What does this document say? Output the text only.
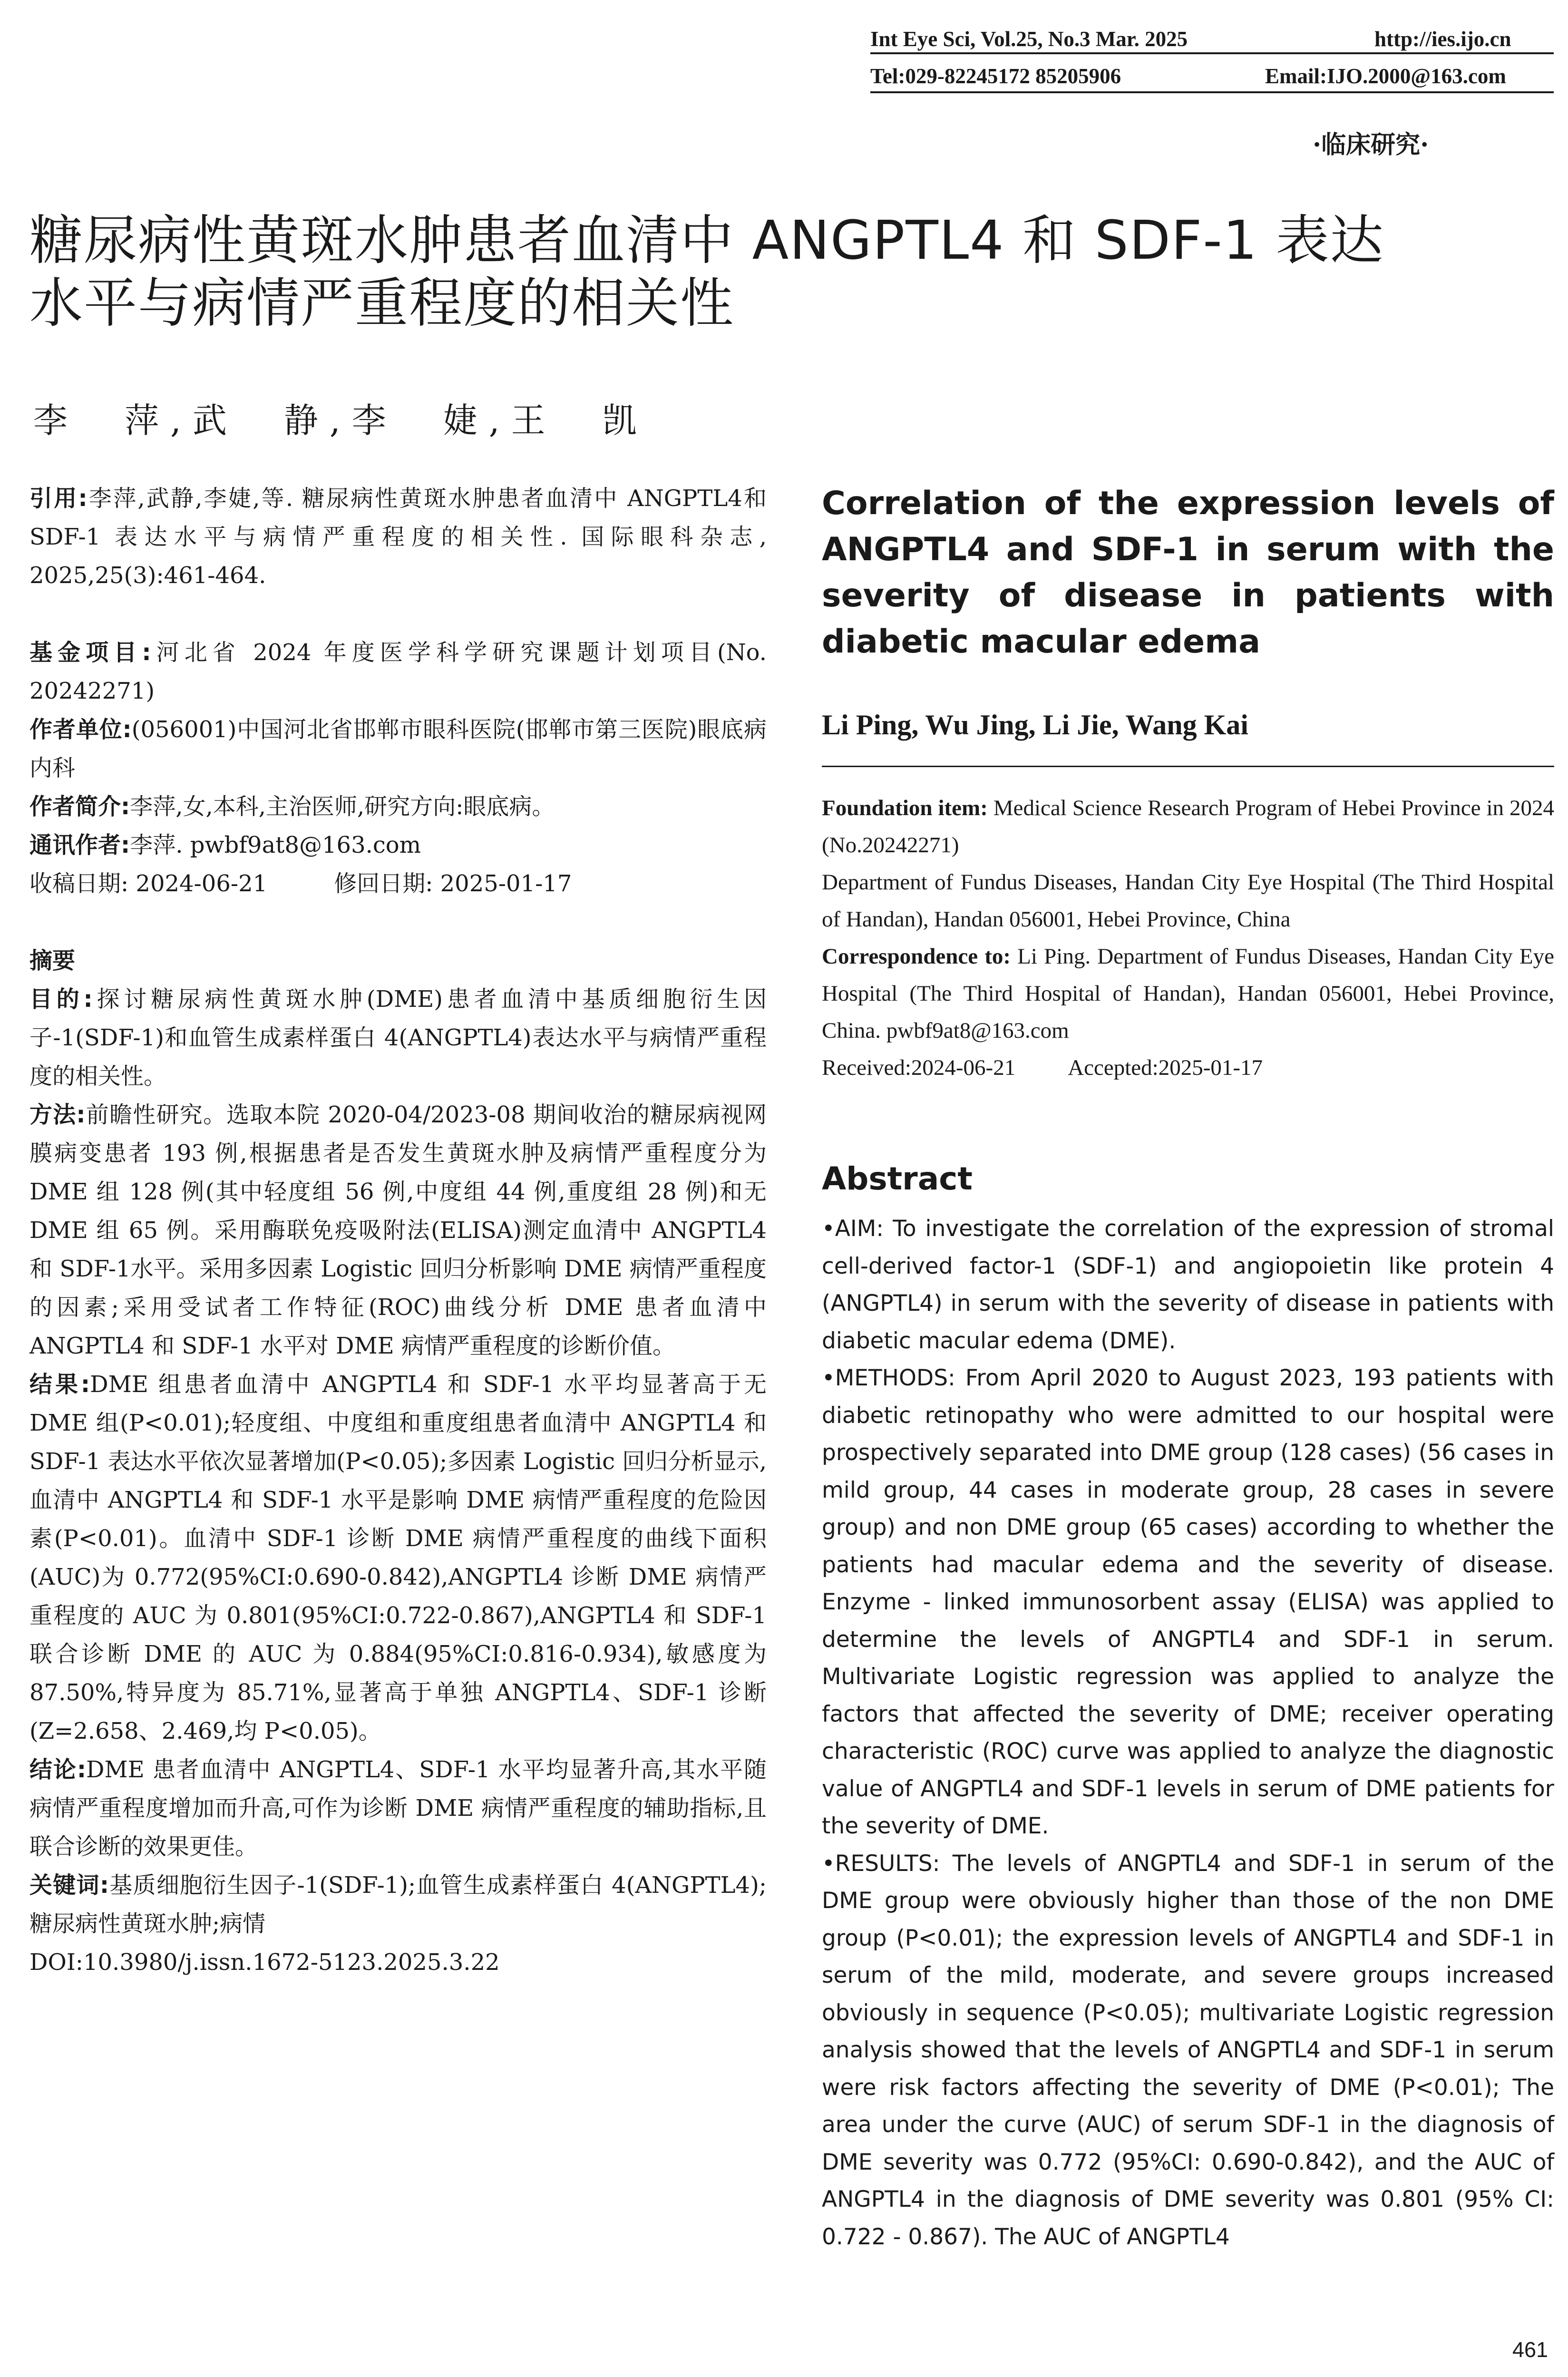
Int Eye Sci, Vol.25, No.3 Mar. 2025	http://ies.ijo.cn
Tel:029-82245172 85205906	Email:IJO.2000@163.com
·临床研究·
糖尿病性黄斑水肿患者血清中 ANGPTL4 和 SDF-1 表达
水平与病情严重程度的相关性
李　萍,武　静,李　婕,王　凯

引用:李萍,武静,李婕,等. 糖尿病性黄斑水肿患者血清中 ANGPTL4和 SDF-1 表达水平与病情严重程度的相关性. 国际眼科杂志, 2025,25(3):461-464.

基金项目:河北省 2024 年度医学科学研究课题计划项目(No. 20242271)

作者单位:(056001)中国河北省邯郸市眼科医院(邯郸市第三医院)眼底病内科

作者简介:李萍,女,本科,主治医师,研究方向:眼底病。

通讯作者:李萍. pwbf9at8@163.com

收稿日期: 2024-06-21	修回日期: 2025-01-17

摘要

目的:探讨糖尿病性黄斑水肿(DME)患者血清中基质细胞衍生因子-1(SDF-1)和血管生成素样蛋白 4(ANGPTL4)表达水平与病情严重程度的相关性。

方法:前瞻性研究。选取本院 2020-04/2023-08 期间收治的糖尿病视网膜病变患者 193 例,根据患者是否发生黄斑水肿及病情严重程度分为 DME 组 128 例(其中轻度组 56 例,中度组 44 例,重度组 28 例)和无 DME 组 65 例。采用酶联免疫吸附法(ELISA)测定血清中 ANGPTL4 和 SDF-1水平。采用多因素 Logistic 回归分析影响 DME 病情严重程度的因素;采用受试者工作特征(ROC)曲线分析 DME 患者血清中 ANGPTL4 和 SDF-1 水平对 DME 病情严重程度的诊断价值。

结果:DME 组患者血清中 ANGPTL4 和 SDF-1 水平均显著高于无 DME 组(P<0.01);轻度组、中度组和重度组患者血清中 ANGPTL4 和 SDF-1 表达水平依次显著增加(P<0.05);多因素 Logistic 回归分析显示,血清中 ANGPTL4 和 SDF-1 水平是影响 DME 病情严重程度的危险因素(P<0.01)。血清中 SDF-1 诊断 DME 病情严重程度的曲线下面积(AUC)为 0.772(95%CI:0.690-0.842),ANGPTL4 诊断 DME 病情严重程度的 AUC 为 0.801(95%CI:0.722-0.867),ANGPTL4 和 SDF-1 联合诊断 DME 的 AUC 为 0.884(95%CI:0.816-0.934),敏感度为 87.50%,特异度为 85.71%,显著高于单独 ANGPTL4、SDF-1 诊断(Z=2.658、2.469,均 P<0.05)。

结论:DME 患者血清中 ANGPTL4、SDF-1 水平均显著升高,其水平随病情严重程度增加而升高,可作为诊断 DME 病情严重程度的辅助指标,且联合诊断的效果更佳。

关键词:基质细胞衍生因子-1(SDF-1);血管生成素样蛋白 4(ANGPTL4);糖尿病性黄斑水肿;病情

DOI:10.3980/j.issn.1672-5123.2025.3.22

Correlation of the expression levels of ANGPTL4 and SDF-1 in serum with the severity of disease in patients with diabetic macular edema
Li Ping, Wu Jing, Li Jie, Wang Kai

Foundation item: Medical Science Research Program of Hebei Province in 2024 (No.20242271)

Department of Fundus Diseases, Handan City Eye Hospital (The Third Hospital of Handan), Handan 056001, Hebei Province, China

Correspondence to: Li Ping. Department of Fundus Diseases, Handan City Eye Hospital (The Third Hospital of Handan), Handan 056001, Hebei Province, China. pwbf9at8@163.com

Received:2024-06-21 Accepted:2025-01-17

Abstract

•AIM: To investigate the correlation of the expression of stromal cell-derived factor-1 (SDF-1) and angiopoietin like protein 4 (ANGPTL4) in serum with the severity of disease in patients with diabetic macular edema (DME).

•METHODS: From April 2020 to August 2023, 193 patients with diabetic retinopathy who were admitted to our hospital were prospectively separated into DME group (128 cases) (56 cases in mild group, 44 cases in moderate group, 28 cases in severe group) and non DME group (65 cases) according to whether the patients had macular edema and the severity of disease. Enzyme - linked immunosorbent assay (ELISA) was applied to determine the levels of ANGPTL4 and SDF-1 in serum. Multivariate Logistic regression was applied to analyze the factors that affected the severity of DME; receiver operating characteristic (ROC) curve was applied to analyze the diagnostic value of ANGPTL4 and SDF-1 levels in serum of DME patients for the severity of DME.

•RESULTS: The levels of ANGPTL4 and SDF-1 in serum of the DME group were obviously higher than those of the non DME group (P<0.01); the expression levels of ANGPTL4 and SDF-1 in serum of the mild, moderate, and severe groups increased obviously in sequence (P<0.05); multivariate Logistic regression analysis showed that the levels of ANGPTL4 and SDF-1 in serum were risk factors affecting the severity of DME (P<0.01); The area under the curve (AUC) of serum SDF-1 in the diagnosis of DME severity was 0.772 (95%CI: 0.690-0.842), and the AUC of ANGPTL4 in the diagnosis of DME severity was 0.801 (95% CI: 0.722 - 0.867). The AUC of ANGPTL4

461
